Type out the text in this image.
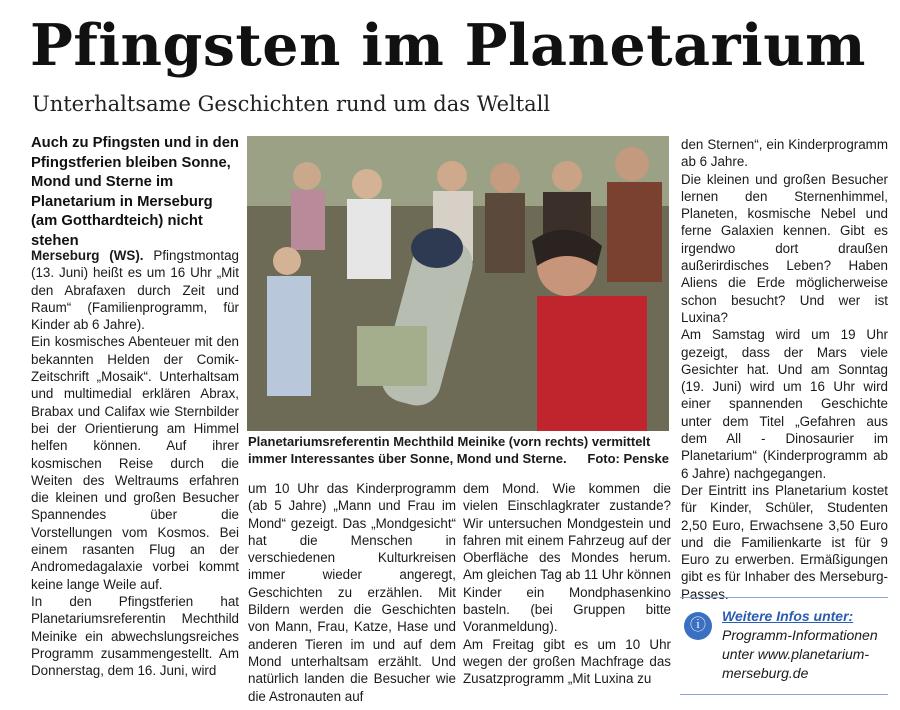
Pfingsten im Planetarium
Unterhaltsame Geschichten rund um das Weltall
Auch zu Pfingsten und in den Pfingstferien bleiben Sonne, Mond und Sterne im Planetarium in Merseburg (am Gotthardteich) nicht stehen

Merseburg (WS). Pfingstmontag (13. Juni) heißt es um 16 Uhr „Mit den Abrafaxen durch Zeit und Raum“ (Familienprogramm, für Kinder ab 6 Jahre).

Ein kosmisches Abenteuer mit den bekannten Helden der Comik-Zeitschrift „Mosaik“. Unterhaltsam und multimedial erklären Abrax, Brabax und Califax wie Sternbilder bei der Orientierung am Himmel helfen können. Auf ihrer kosmischen Reise durch die Weiten des Weltraums erfahren die kleinen und großen Besucher Spannendes über die Vorstellungen vom Kosmos. Bei einem rasanten Flug an der Andromedagalaxie vorbei kommt keine lange Weile auf.

In den Pfingstferien hat Planetariumsreferentin Mechthild Meinike ein abwechslungsreiches Programm zusammengestellt. Am Donnerstag, dem 16. Juni, wird

Planetariumsreferentin Mechthild Meinike (vorn rechts) vermittelt immer Interessantes über Sonne, Mond und Sterne. Foto: Penske

um 10 Uhr das Kinderprogramm (ab 5 Jahre) „Mann und Frau im Mond“ gezeigt. Das „Mondgesicht“ hat die Menschen in verschiedenen Kulturkreisen immer wieder angeregt, Geschichten zu erzählen. Mit Bildern werden die Geschichten von Mann, Frau, Katze, Hase und anderen Tieren im und auf dem Mond unterhaltsam erzählt. Und natürlich landen die Besucher wie die Astronauten auf

dem Mond. Wie kommen die vielen Einschlagkrater zustande? Wir untersuchen Mondgestein und fahren mit einem Fahrzeug auf der Oberfläche des Mondes herum. Am gleichen Tag ab 11 Uhr können Kinder ein Mondphasenkino basteln. (bei Gruppen bitte Voranmeldung).

Am Freitag gibt es um 10 Uhr wegen der großen Machfrage das Zusatzprogramm „Mit Luxina zu

den Sternen“, ein Kinderprogramm ab 6 Jahre.

Die kleinen und großen Besucher lernen den Sternenhimmel, Planeten, kosmische Nebel und ferne Galaxien kennen. Gibt es irgendwo dort draußen außerirdisches Leben? Haben Aliens die Erde möglicherweise schon besucht? Und wer ist Luxina?

Am Samstag wird um 19 Uhr gezeigt, dass der Mars viele Gesichter hat. Und am Sonntag (19. Juni) wird um 16 Uhr wird einer spannenden Geschichte unter dem Titel „Gefahren aus dem All - Dinosaurier im Planetarium“ (Kinderprogramm ab 6 Jahre) nachgegangen.

Der Eintritt ins Planetarium kostet für Kinder, Schüler, Studenten 2,50 Euro, Erwachsene 3,50 Euro und die Familienkarte ist für 9 Euro zu erwerben. Ermäßigungen gibt es für Inhaber des Merseburg-Passes.

ⓘ
Weitere Infos unter:
Programm-Informationen unter www.planetarium-merseburg.de
